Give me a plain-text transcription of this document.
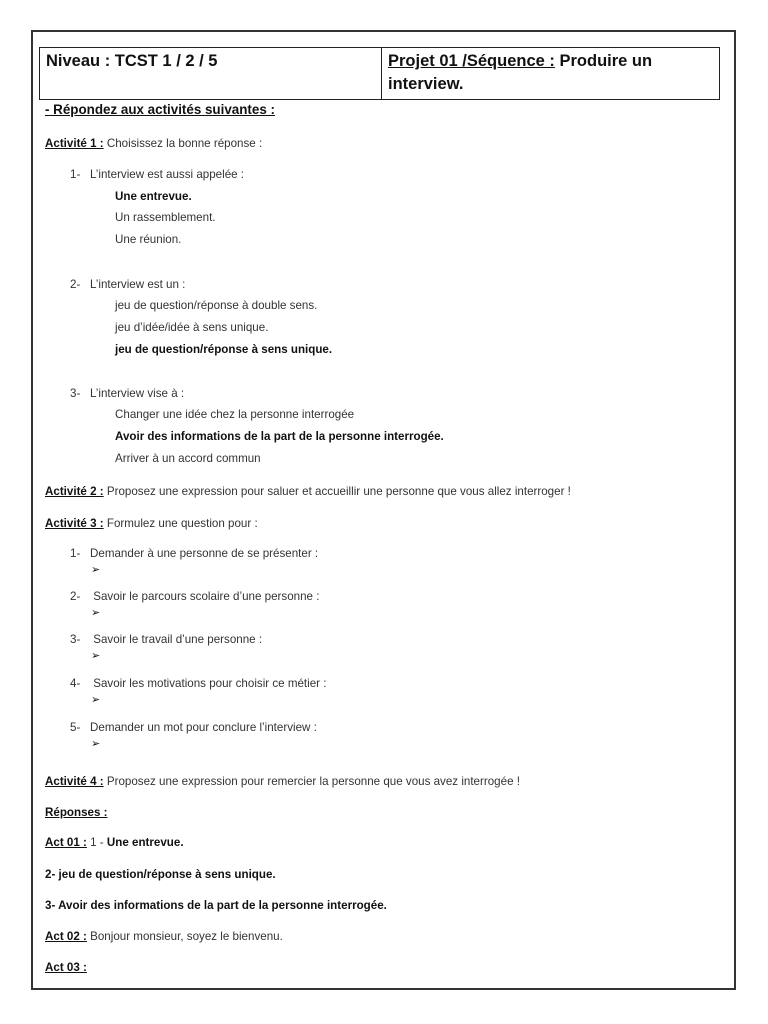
Niveau : TCST 1 / 2 / 5	Projet 01 /Séquence : Produire un
interview.
- Répondez aux activités suivantes :
Activité 1 : Choisissez la bonne réponse :
1- L’interview est aussi appelée :
Une entrevue.
Un rassemblement.
Une réunion.
2- L’interview est un :
jeu de question/réponse à double sens.
jeu d’idée/idée à sens unique.
jeu de question/réponse à sens unique.
3- L’interview vise à :
Changer une idée chez la personne interrogée
Avoir des informations de la part de la personne interrogée.
Arriver à un accord commun
Activité 2 : Proposez une expression pour saluer et accueillir une personne que vous allez interroger !
Activité 3 : Formulez une question pour :
1- Demander à une personne de se présenter :
➢
2- Savoir le parcours scolaire d’une personne :
➢
3- Savoir le travail d’une personne :
➢
4- Savoir les motivations pour choisir ce métier :
➢
5- Demander un mot pour conclure l’interview :
➢
Activité 4 : Proposez une expression pour remercier la personne que vous avez interrogée !
Réponses :
Act 01 : 1 - Une entrevue.
2- jeu de question/réponse à sens unique.
3- Avoir des informations de la part de la personne interrogée.
Act 02 : Bonjour monsieur, soyez le bienvenu.
Act 03 :
